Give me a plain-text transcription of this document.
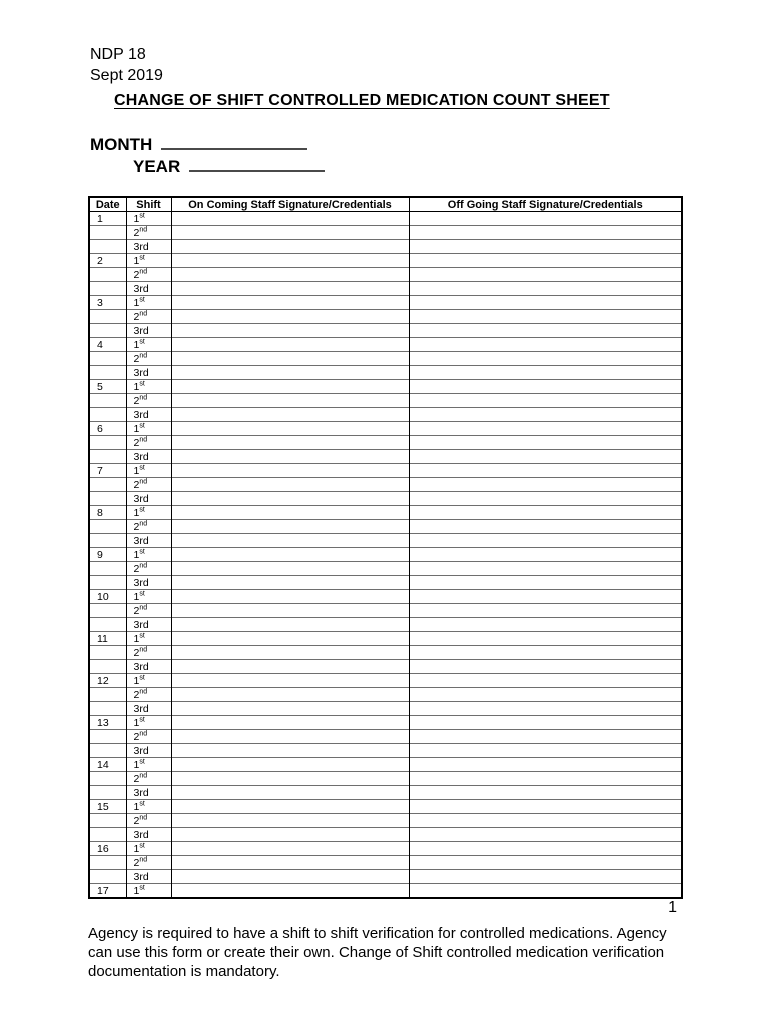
NDP 18
Sept 2019
CHANGE OF SHIFT CONTROLLED MEDICATION COUNT SHEET
MONTH
YEAR
Date	Shift	On Coming Staff Signature/Credentials	Off Going Staff Signature/Credentials
1	1st		
	2nd		
	3rd		
2	1st		
	2nd		
	3rd		
3	1st		
	2nd		
	3rd		
4	1st		
	2nd		
	3rd		
5	1st		
	2nd		
	3rd		
6	1st		
	2nd		
	3rd		
7	1st		
	2nd		
	3rd		
8	1st		
	2nd		
	3rd		
9	1st		
	2nd		
	3rd		
10	1st		
	2nd		
	3rd		
11	1st		
	2nd		
	3rd		
12	1st		
	2nd		
	3rd		
13	1st		
	2nd		
	3rd		
14	1st		
	2nd		
	3rd		
15	1st		
	2nd		
	3rd		
16	1st		
	2nd		
	3rd		
17	1st		
1
Agency is required to have a shift to shift verification for controlled medications. Agency
can use this form or create their own. Change of Shift controlled medication verification
documentation is mandatory.
